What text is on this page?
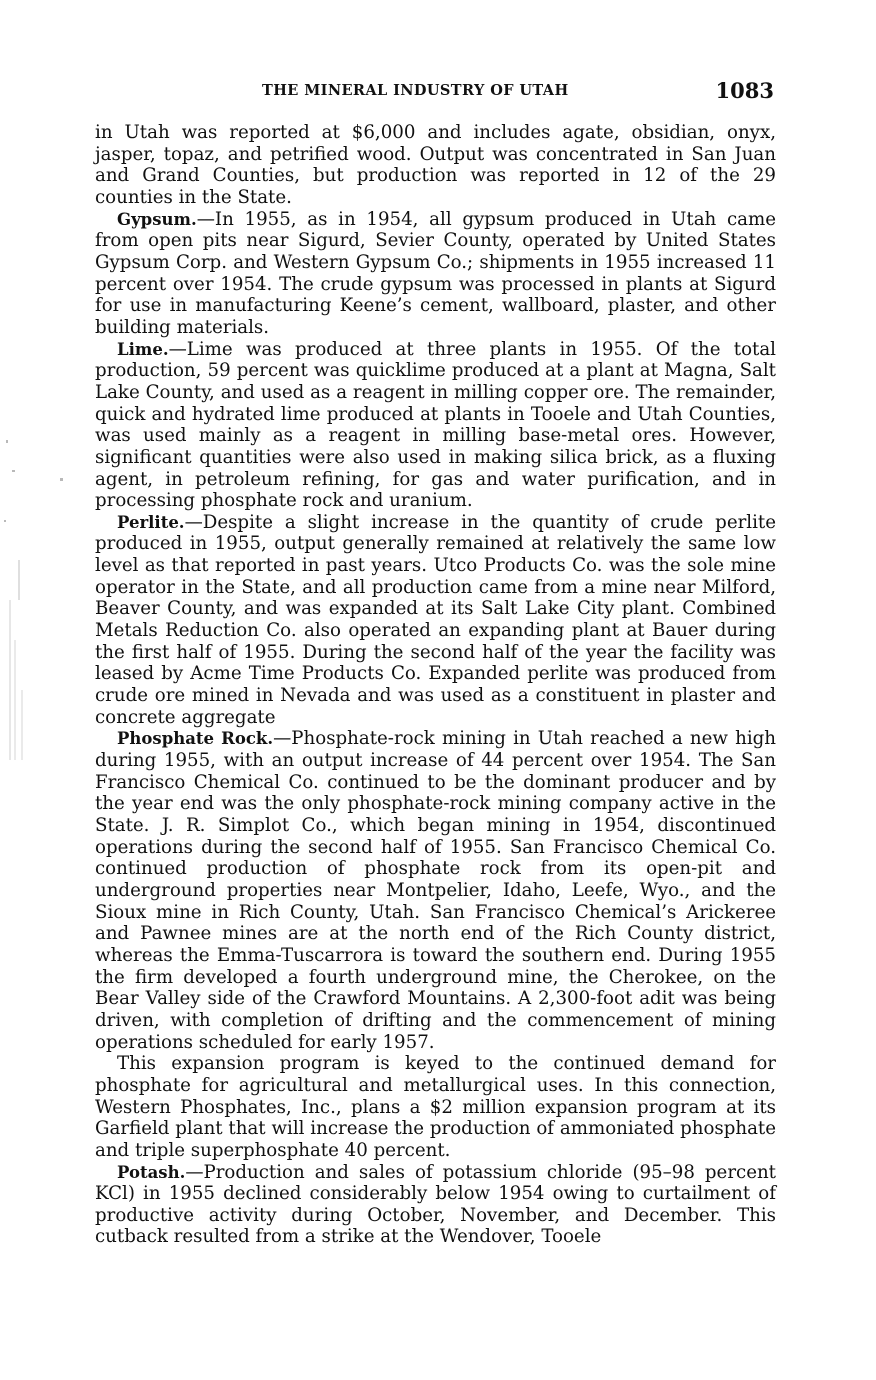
THE MINERAL INDUSTRY OF UTAH	1083

in Utah was reported at $6,000 and includes agate, obsidian, onyx, jasper, topaz, and petrified wood. Output was concentrated in San Juan and Grand Counties, but production was reported in 12 of the 29 counties in the State.

Gypsum.—In 1955, as in 1954, all gypsum produced in Utah came from open pits near Sigurd, Sevier County, operated by United States Gypsum Corp. and Western Gypsum Co.; shipments in 1955 increased 11 percent over 1954. The crude gypsum was processed in plants at Sigurd for use in manufacturing Keene’s cement, wallboard, plaster, and other building materials.

Lime.—Lime was produced at three plants in 1955. Of the total production, 59 percent was quicklime produced at a plant at Magna, Salt Lake County, and used as a reagent in milling copper ore. The remainder, quick and hydrated lime produced at plants in Tooele and Utah Counties, was used mainly as a reagent in milling base-metal ores. However, significant quantities were also used in making silica brick, as a fluxing agent, in petroleum refining, for gas and water purification, and in processing phosphate rock and uranium.

Perlite.—Despite a slight increase in the quantity of crude perlite produced in 1955, output generally remained at relatively the same low level as that reported in past years. Utco Products Co. was the sole mine operator in the State, and all production came from a mine near Milford, Beaver County, and was expanded at its Salt Lake City plant. Combined Metals Reduction Co. also operated an expanding plant at Bauer during the first half of 1955. During the second half of the year the facility was leased by Acme Time Products Co. Expanded perlite was produced from crude ore mined in Nevada and was used as a constituent in plaster and concrete aggregate

Phosphate Rock.—Phosphate-rock mining in Utah reached a new high during 1955, with an output increase of 44 percent over 1954. The San Francisco Chemical Co. continued to be the dominant producer and by the year end was the only phosphate-rock mining company active in the State. J. R. Simplot Co., which began mining in 1954, discontinued operations during the second half of 1955. San Francisco Chemical Co. continued production of phosphate rock from its open-pit and underground properties near Montpelier, Idaho, Leefe, Wyo., and the Sioux mine in Rich County, Utah. San Francisco Chemical’s Arickeree and Pawnee mines are at the north end of the Rich County district, whereas the Emma-Tuscarrora is toward the southern end. During 1955 the firm developed a fourth underground mine, the Cherokee, on the Bear Valley side of the Crawford Mountains. A 2,300-foot adit was being driven, with completion of drifting and the commencement of mining operations scheduled for early 1957.

This expansion program is keyed to the continued demand for phosphate for agricultural and metallurgical uses. In this connection, Western Phosphates, Inc., plans a $2 million expansion program at its Garfield plant that will increase the production of ammoniated phosphate and triple superphosphate 40 percent.

Potash.—Production and sales of potassium chloride (95–98 percent KCl) in 1955 declined considerably below 1954 owing to curtailment of productive activity during October, November, and December. This cutback resulted from a strike at the Wendover, Tooele
